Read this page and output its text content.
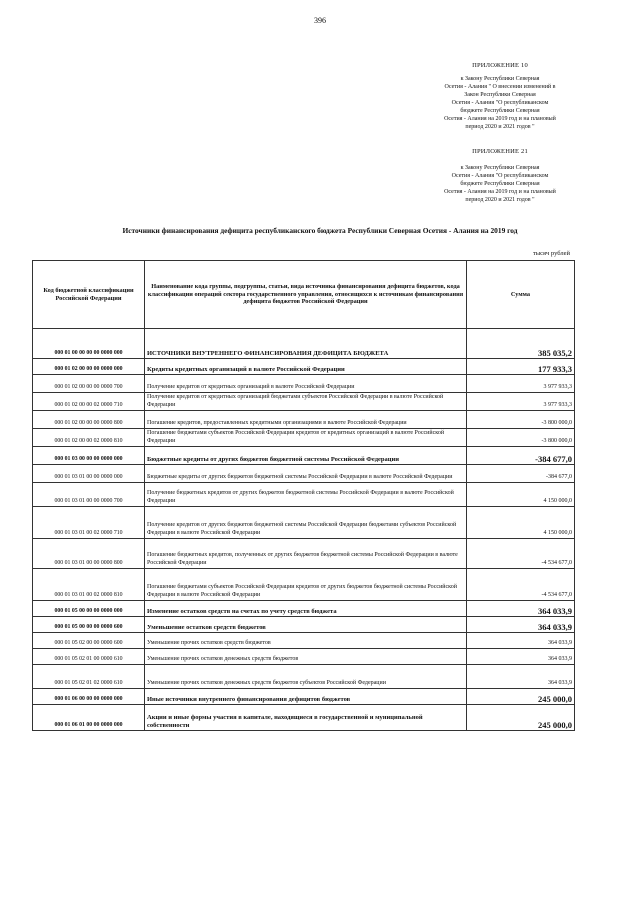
396
ПРИЛОЖЕНИЕ 10
к Закону Республики Северная
Осетия - Алания " О внесении изменений в
Закон Республики Северная
Осетия - Алания "О республиканском
бюджете Республики Северная
Осетия - Алания на 2019 год и на плановый
период 2020 и 2021 годов "
ПРИЛОЖЕНИЕ 21
к Закону Республики Северная
Осетия - Алания "О республиканском
бюджете Республики Северная
Осетия - Алания на 2019 год и на плановый
период 2020 и 2021 годов "
Источники финансирования дефицита республиканского бюджета Республики Северная Осетия - Алания на 2019 год
тысяч рублей
Код бюджетной классификации Российской Федерации	Наименование кода группы, подгруппы, статьи, вида источника финансирования дефицита бюджетов, кода классификации операций сектора государственного управления, относящихся к источникам финансирования дефицита бюджетов Российской Федерации	Сумма
000 01 00 00 00 00 0000 000	ИСТОЧНИКИ ВНУТРЕННЕГО ФИНАНСИРОВАНИЯ ДЕФИЦИТА БЮДЖЕТА	385 035,2
000 01 02 00 00 00 0000 000	Кредиты кредитных организаций в валюте Российской Федерации	177 933,3
000 01 02 00 00 00 0000 700	Получение кредитов от кредитных организаций в валюте Российской Федерации	3 977 933,3
000 01 02 00 00 02 0000 710	Получение кредитов от кредитных организаций бюджетами субъектов Российской Федерации в валюте Российской Федерации	3 977 933,3
000 01 02 00 00 00 0000 800	Погашение кредитов, предоставленных кредитными организациями в валюте Российской Федерации	-3 800 000,0
000 01 02 00 00 02 0000 810	Погашение бюджетами субъектов Российской Федерации кредитов от кредитных организаций в валюте Российской Федерации	-3 800 000,0
000 01 03 00 00 00 0000 000	Бюджетные кредиты от других бюджетов бюджетной системы Российской Федерации	-384 677,0
000 01 03 01 00 00 0000 000	Бюджетные кредиты от других бюджетов бюджетной системы Российской Федерации в валюте Российской Федерации	-384 677,0
000 01 03 01 00 00 0000 700	Получение бюджетных кредитов от других бюджетов бюджетной системы Российской Федерации в валюте Российской Федерации	4 150 000,0
000 01 03 01 00 02 0000 710	Получение кредитов от других бюджетов бюджетной системы Российской Федерации бюджетами субъектов Российской Федерации в валюте Российской Федерации	4 150 000,0
000 01 03 01 00 00 0000 800	Погашение бюджетных кредитов, полученных от других бюджетов бюджетной системы Российской Федерации в валюте Российской Федерации	-4 534 677,0
000 01 03 01 00 02 0000 810	Погашение бюджетами субъектов Российской Федерации кредитов от других бюджетов бюджетной системы Российской Федерации в валюте Российской Федерации	-4 534 677,0
000 01 05 00 00 00 0000 000	Изменение остатков средств на счетах по учету средств бюджета	364 033,9
000 01 05 00 00 00 0000 600	Уменьшение остатков средств бюджетов	364 033,9
000 01 05 02 00 00 0000 600	Уменьшение прочих остатков средств бюджетов	364 033,9
000 01 05 02 01 00 0000 610	Уменьшение прочих остатков денежных средств бюджетов	364 033,9
000 01 05 02 01 02 0000 610	Уменьшение прочих остатков денежных средств бюджетов субъектов Российской Федерации	364 033,9
000 01 06 00 00 00 0000 000	Иные источники внутреннего финансирования дефицитов бюджетов	245 000,0
000 01 06 01 00 00 0000 000	Акции и иные формы участия в капитале, находящиеся в государственной и муниципальной собственности	245 000,0
